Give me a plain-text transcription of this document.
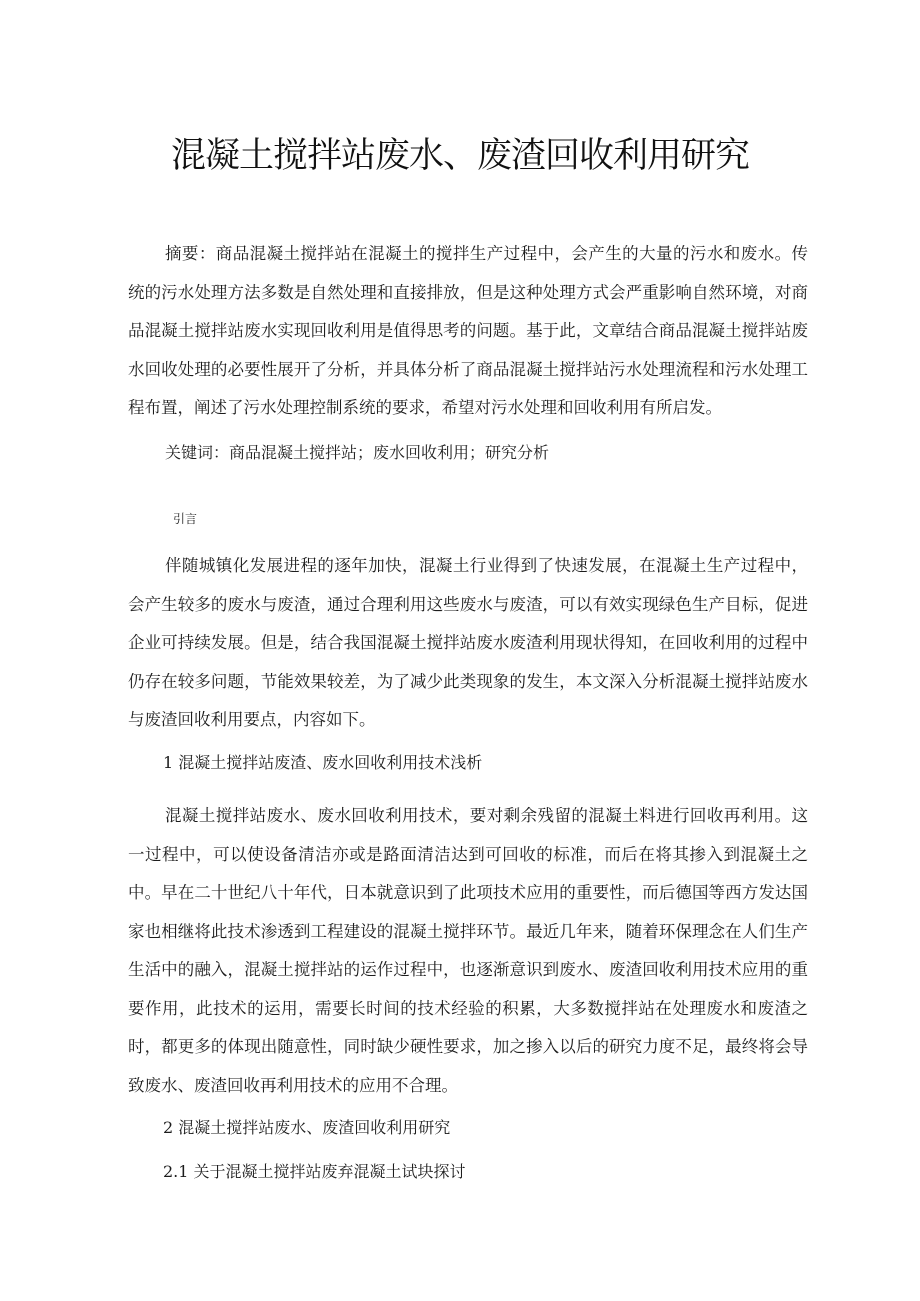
混凝土搅拌站废水、废渣回收利用研究

摘要：商品混凝土搅拌站在混凝土的搅拌生产过程中，会产生的大量的污水和废水。传统的污水处理方法多数是自然处理和直接排放，但是这种处理方式会严重影响自然环境，对商品混凝土搅拌站废水实现回收利用是值得思考的问题。基于此，文章结合商品混凝土搅拌站废水回收处理的必要性展开了分析，并具体分析了商品混凝土搅拌站污水处理流程和污水处理工程布置，阐述了污水处理控制系统的要求，希望对污水处理和回收利用有所启发。

关键词：商品混凝土搅拌站；废水回收利用；研究分析

引言

伴随城镇化发展进程的逐年加快，混凝土行业得到了快速发展，在混凝土生产过程中，会产生较多的废水与废渣，通过合理利用这些废水与废渣，可以有效实现绿色生产目标，促进企业可持续发展。但是，结合我国混凝土搅拌站废水废渣利用现状得知，在回收利用的过程中仍存在较多问题，节能效果较差，为了减少此类现象的发生，本文深入分析混凝土搅拌站废水与废渣回收利用要点，内容如下。

1 混凝土搅拌站废渣、废水回收利用技术浅析

混凝土搅拌站废水、废水回收利用技术，要对剩余残留的混凝土料进行回收再利用。这一过程中，可以使设备清洁亦或是路面清洁达到可回收的标准，而后在将其掺入到混凝土之中。早在二十世纪八十年代，日本就意识到了此项技术应用的重要性，而后德国等西方发达国家也相继将此技术渗透到工程建设的混凝土搅拌环节。最近几年来，随着环保理念在人们生产生活中的融入，混凝土搅拌站的运作过程中，也逐渐意识到废水、废渣回收利用技术应用的重要作用，此技术的运用，需要长时间的技术经验的积累，大多数搅拌站在处理废水和废渣之时，都更多的体现出随意性，同时缺少硬性要求，加之掺入以后的研究力度不足，最终将会导致废水、废渣回收再利用技术的应用不合理。

2 混凝土搅拌站废水、废渣回收利用研究

2.1 关于混凝土搅拌站废弃混凝土试块探讨
